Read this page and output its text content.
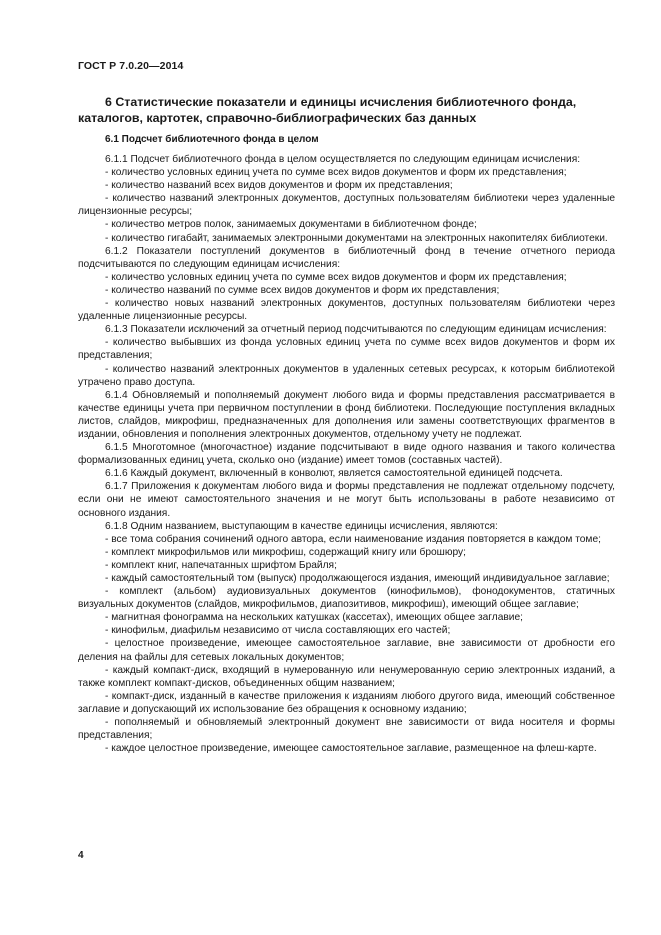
ГОСТ Р 7.0.20—2014
6 Статистические показатели и единицы исчисления библиотечного фонда, каталогов, картотек, справочно-библиографических баз данных
6.1 Подсчет библиотечного фонда в целом

6.1.1 Подсчет библиотечного фонда в целом осуществляется по следующим единицам исчисления:

- количество условных единиц учета по сумме всех видов документов и форм их представления;

- количество названий всех видов документов и форм их представления;

- количество названий электронных документов, доступных пользователям библиотеки через удаленные лицензионные ресурсы;

- количество метров полок, занимаемых документами в библиотечном фонде;

- количество гигабайт, занимаемых электронными документами на электронных накопителях библиотеки.

6.1.2 Показатели поступлений документов в библиотечный фонд в течение отчетного периода подсчитываются по следующим единицам исчисления:

- количество условных единиц учета по сумме всех видов документов и форм их представления;

- количество названий по сумме всех видов документов и форм их представления;

- количество новых названий электронных документов, доступных пользователям библиотеки через удаленные лицензионные ресурсы.

6.1.3 Показатели исключений за отчетный период подсчитываются по следующим единицам исчисления:

- количество выбывших из фонда условных единиц учета по сумме всех видов документов и форм их представления;

- количество названий электронных документов в удаленных сетевых ресурсах, к которым библиотекой утрачено право доступа.

6.1.4 Обновляемый и пополняемый документ любого вида и формы представления рассматривается в качестве единицы учета при первичном поступлении в фонд библиотеки. Последующие поступления вкладных листов, слайдов, микрофиш, предназначенных для дополнения или замены соответствующих фрагментов в издании, обновления и пополнения электронных документов, отдельному учету не подлежат.

6.1.5 Многотомное (многочастное) издание подсчитывают в виде одного названия и такого количества формализованных единиц учета, сколько оно (издание) имеет томов (составных частей).

6.1.6 Каждый документ, включенный в конволют, является самостоятельной единицей подсчета.

6.1.7 Приложения к документам любого вида и формы представления не подлежат отдельному подсчету, если они не имеют самостоятельного значения и не могут быть использованы в работе независимо от основного издания.

6.1.8 Одним названием, выступающим в качестве единицы исчисления, являются:

- все тома собрания сочинений одного автора, если наименование издания повторяется в каждом томе;

- комплект микрофильмов или микрофиш, содержащий книгу или брошюру;

- комплект книг, напечатанных шрифтом Брайля;

- каждый самостоятельный том (выпуск) продолжающегося издания, имеющий индивидуальное заглавие;

- комплект (альбом) аудиовизуальных документов (кинофильмов), фонодокументов, статичных визуальных документов (слайдов, микрофильмов, диапозитивов, микрофиш), имеющий общее заглавие;

- магнитная фонограмма на нескольких катушках (кассетах), имеющих общее заглавие;

- кинофильм, диафильм независимо от числа составляющих его частей;

- целостное произведение, имеющее самостоятельное заглавие, вне зависимости от дробности его деления на файлы для сетевых локальных документов;

- каждый компакт-диск, входящий в нумерованную или ненумерованную серию электронных изданий, а также комплект компакт-дисков, объединенных общим названием;

- компакт-диск, изданный в качестве приложения к изданиям любого другого вида, имеющий собственное заглавие и допускающий их использование без обращения к основному изданию;

- пополняемый и обновляемый электронный документ вне зависимости от вида носителя и формы представления;

- каждое целостное произведение, имеющее самостоятельное заглавие, размещенное на флеш-карте.

4
